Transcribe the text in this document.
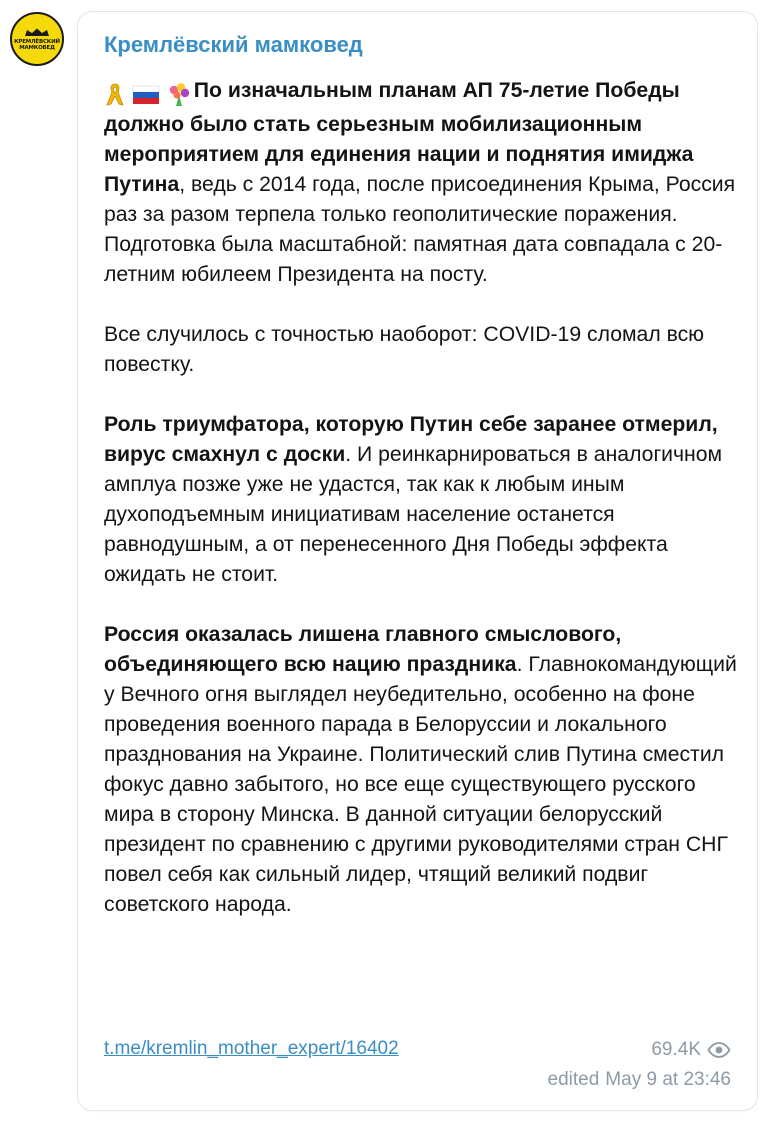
КРЕМЛЁВСКИЙ
МАМКОВЕД Кремлёвский мамковед

По изначальным планам АП 75-летие Победы должно было стать серьезным мобилизационным мероприятием для единения нации и поднятия имиджа Путина, ведь с 2014 года, после присоединения Крыма, Россия раз за разом терпела только геополитические поражения. Подготовка была масштабной: памятная дата совпадала с 20-летним юбилеем Президента на посту.

Все случилось с точностью наоборот: COVID-19 сломал всю повестку.

Роль триумфатора, которую Путин себе заранее отмерил, вирус смахнул с доски. И реинкарнироваться в аналогичном амплуа позже уже не удастся, так как к любым иным духоподъемным инициативам население останется равнодушным, а от перенесенного Дня Победы эффекта ожидать не стоит.

Россия оказалась лишена главного смыслового, объединяющего всю нацию праздника. Главнокомандующий у Вечного огня выглядел неубедительно, особенно на фоне проведения военного парада в Белоруссии и локального празднования на Украине. Политический слив Путина сместил фокус давно забытого, но все еще существующего русского мира в сторону Минска. В данной ситуации белорусский президент по сравнению с другими руководителями стран СНГ повел себя как сильный лидер, чтящий великий подвиг советского народа.

t.me/kremlin_mother_expert/16402	69.4K
edited May 9 at 23:46
